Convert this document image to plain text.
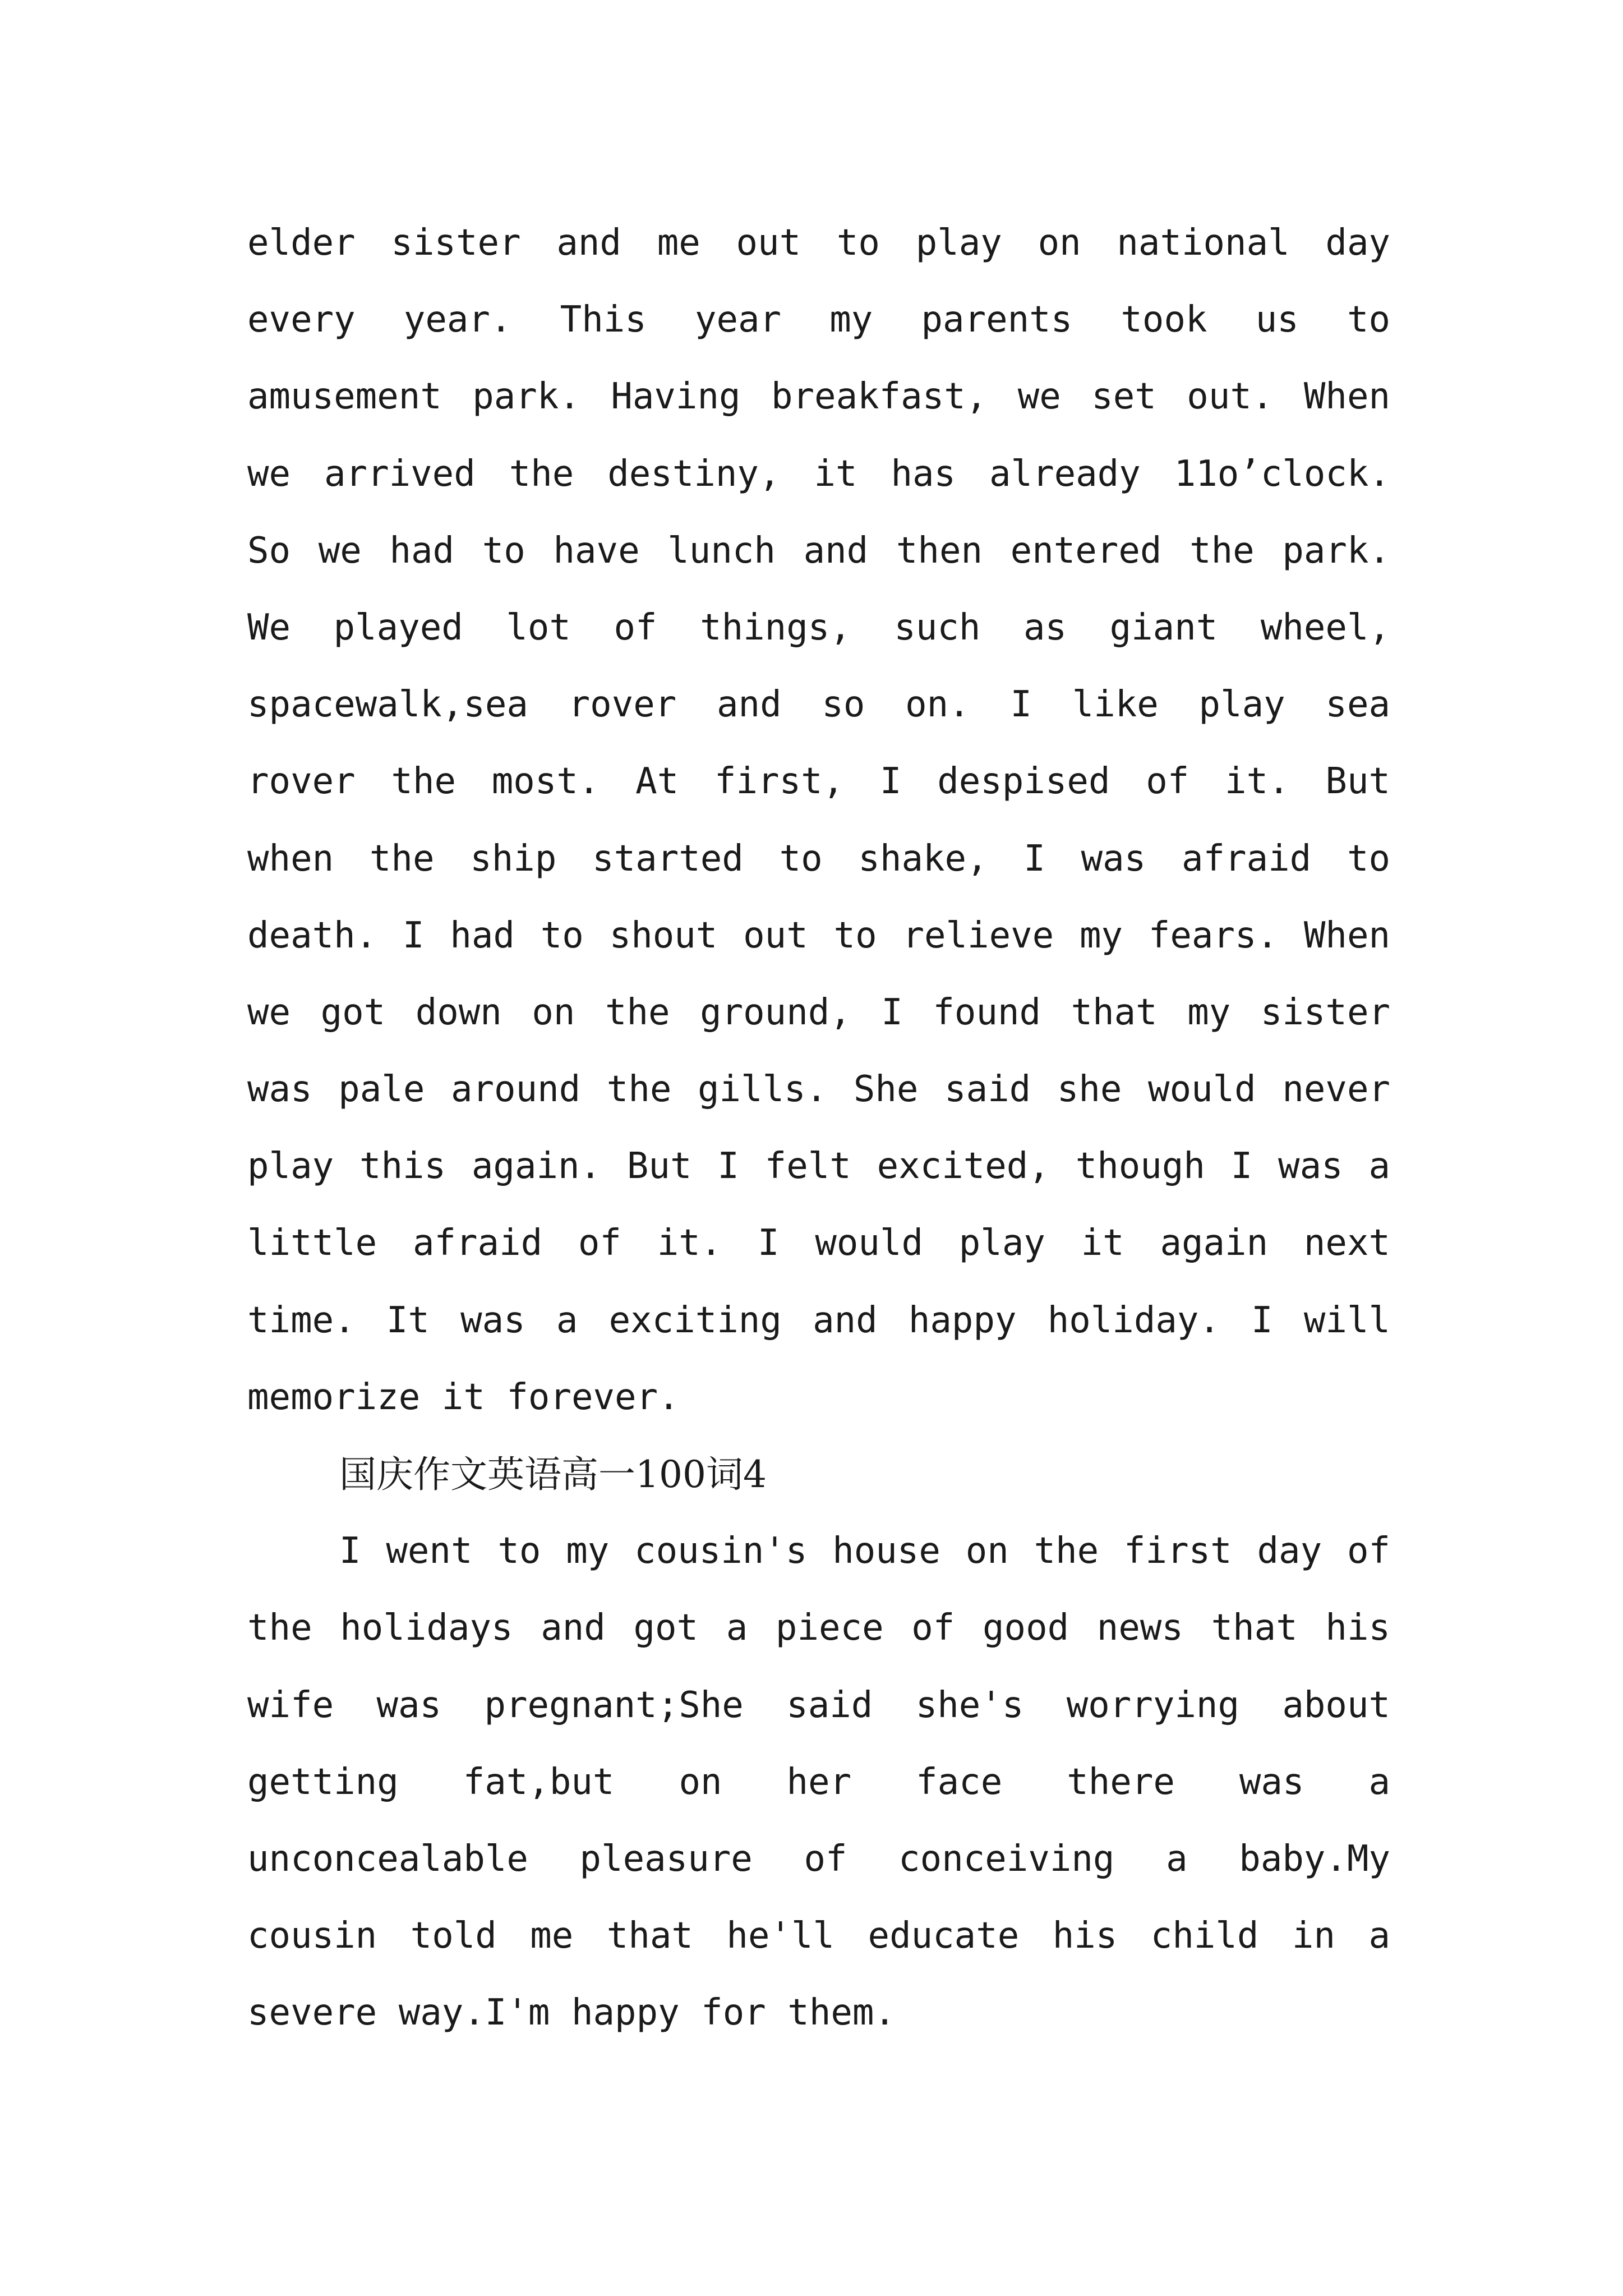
elder sister and me out to play on national day
every year. This year my parents took us to
amusement park. Having breakfast, we set out. When
we arrived the destiny, it has already 11o’clock.
So we had to have lunch and then entered the park.
We played lot of things, such as giant wheel,
spacewalk,sea rover and so on. I like play sea
rover the most. At first, I despised of it. But
when the ship started to shake, I was afraid to
death. I had to shout out to relieve my fears. When
we got down on the ground, I found that my sister
was pale around the gills. She said she would never
play this again. But I felt excited, though I was a
little afraid of it. I would play it again next
time. It was a exciting and happy holiday. I will
memorize it forever.
国庆作文英语高一100词4
I went to my cousin's house on the first day of
the holidays and got a piece of good news that his
wife was pregnant;She said she's worrying about
getting fat,but on her face there was a
unconcealable pleasure of conceiving a baby.My
cousin told me that he'll educate his child in a
severe way.I'm happy for them.
